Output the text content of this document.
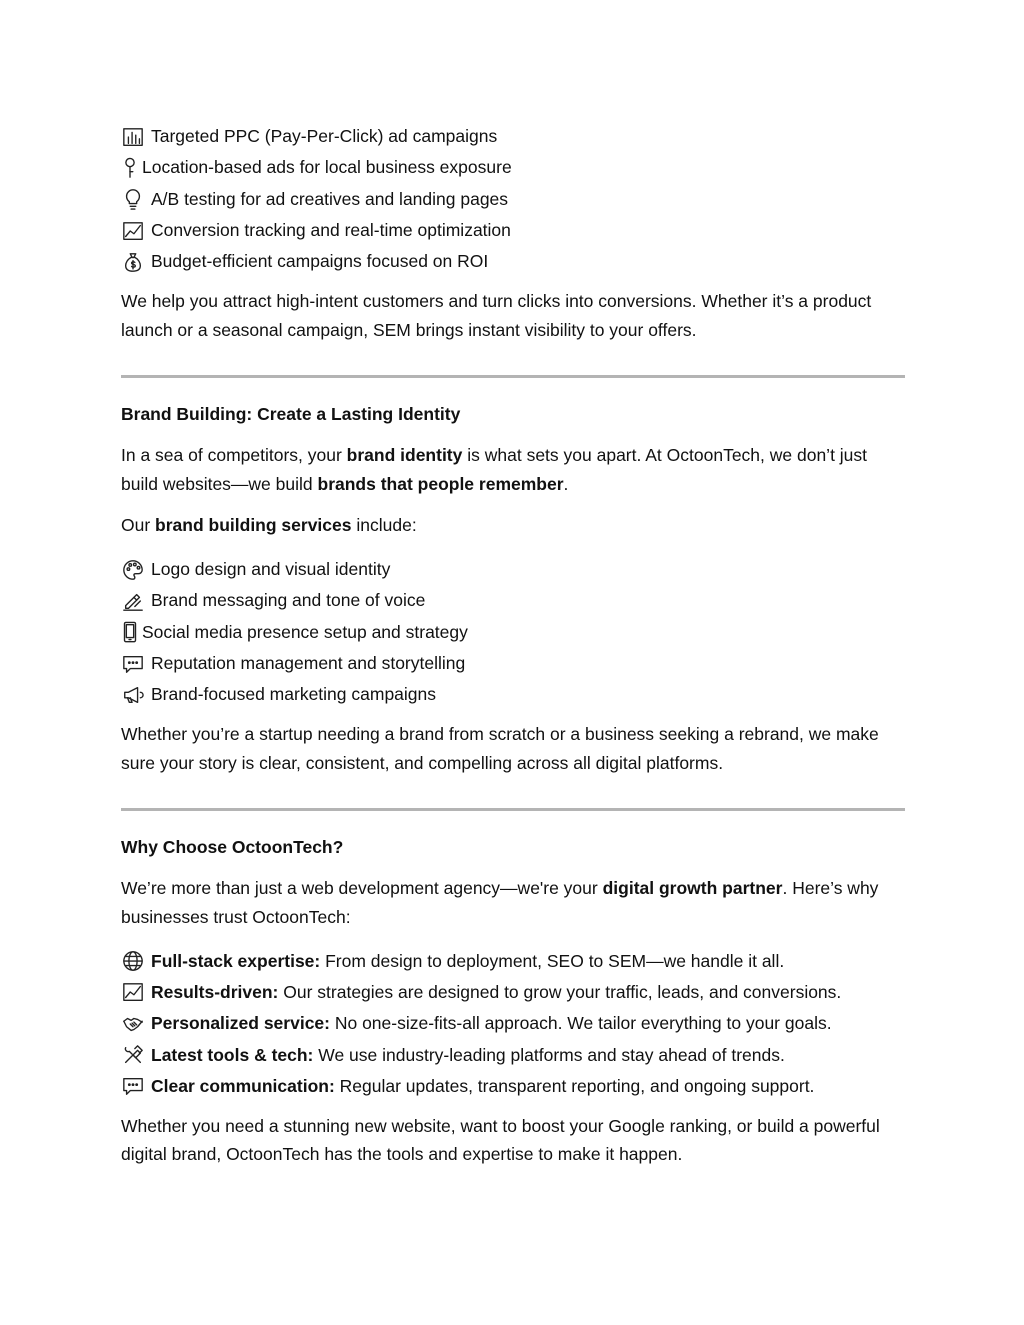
Targeted PPC (Pay-Per-Click) ad campaigns
Location-based ads for local business exposure
A/B testing for ad creatives and landing pages
Conversion tracking and real-time optimization
Budget-efficient campaigns focused on ROI

We help you attract high-intent customers and turn clicks into conversions. Whether it’s a product launch or a seasonal campaign, SEM brings instant visibility to your offers.

Brand Building: Create a Lasting Identity

In a sea of competitors, your brand identity is what sets you apart. At OctoonTech, we don’t just build websites—we build brands that people remember.

Our brand building services include:

Logo design and visual identity
Brand messaging and tone of voice
Social media presence setup and strategy
Reputation management and storytelling
Brand-focused marketing campaigns

Whether you’re a startup needing a brand from scratch or a business seeking a rebrand, we make sure your story is clear, consistent, and compelling across all digital platforms.

Why Choose OctoonTech?

We’re more than just a web development agency—we're your digital growth partner. Here’s why businesses trust OctoonTech:

Full-stack expertise: From design to deployment, SEO to SEM—we handle it all.
Results-driven: Our strategies are designed to grow your traffic, leads, and conversions.
Personalized service: No one-size-fits-all approach. We tailor everything to your goals.
Latest tools & tech: We use industry-leading platforms and stay ahead of trends.
Clear communication: Regular updates, transparent reporting, and ongoing support.

Whether you need a stunning new website, want to boost your Google ranking, or build a powerful digital brand, OctoonTech has the tools and expertise to make it happen.
